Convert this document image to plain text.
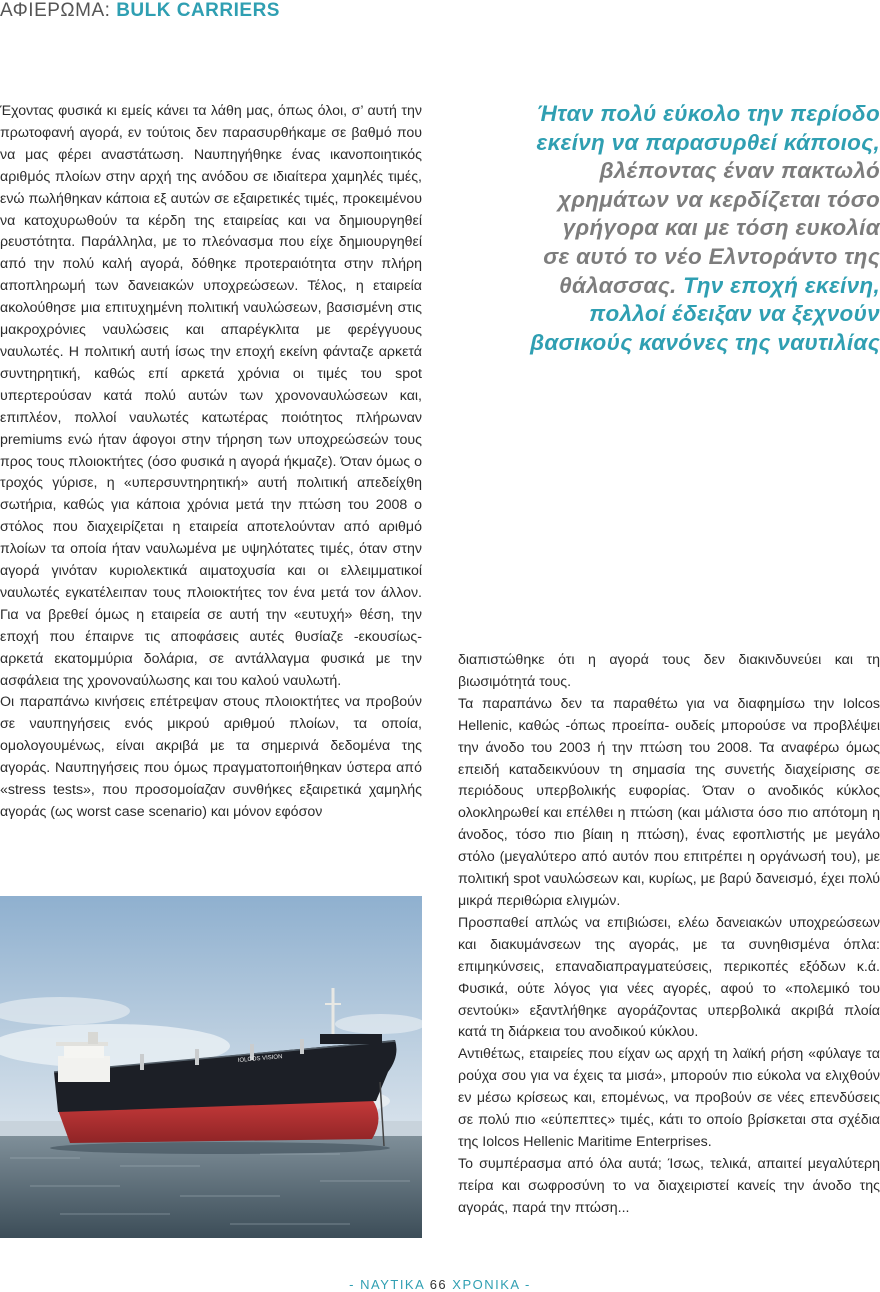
ΑΦΙΕΡΩΜΑ: BULK CARRIERS

Έχοντας φυσικά κι εμείς κάνει τα λάθη μας, όπως όλοι, σ’ αυτή την πρωτοφανή αγορά, εν τούτοις δεν παρασυρθήκαμε σε βαθμό που να μας φέρει αναστάτωση. Ναυπηγήθηκε ένας ικανοποιητικός αριθμός πλοίων στην αρχή της ανόδου σε ιδιαίτερα χαμηλές τιμές, ενώ πωλήθηκαν κάποια εξ αυτών σε εξαιρετικές τιμές, προκειμένου να κατοχυρωθούν τα κέρδη της εταιρείας και να δημιουργηθεί ρευστότητα. Παράλληλα, με το πλεόνασμα που είχε δημιουργηθεί από την πολύ καλή αγορά, δόθηκε προτεραιότητα στην πλήρη αποπληρωμή των δανειακών υποχρεώσεων. Τέλος, η εταιρεία ακολούθησε μια επιτυχημένη πολιτική ναυλώσεων, βασισμένη στις μακροχρόνιες ναυλώσεις και απαρέγκλιτα με φερέγγυους ναυλωτές. Η πολιτική αυτή ίσως την εποχή εκείνη φάνταζε αρκετά συντηρητική, καθώς επί αρκετά χρόνια οι τιμές του spot υπερτερούσαν κατά πολύ αυτών των χρονοναυλώσεων και, επιπλέον, πολλοί ναυλωτές κατωτέρας ποιότητος πλήρωναν premiums ενώ ήταν άφογοι στην τήρηση των υποχρεώσεών τους προς τους πλοιοκτήτες (όσο φυσικά η αγορά ήκμαζε). Όταν όμως ο τροχός γύρισε, η «υπερσυντηρητική» αυτή πολιτική απεδείχθη σωτήρια, καθώς για κάποια χρόνια μετά την πτώση του 2008 ο στόλος που διαχειρίζεται η εταιρεία αποτελούνταν από αριθμό πλοίων τα οποία ήταν ναυλωμένα με υψηλότατες τιμές, όταν στην αγορά γινόταν κυριολεκτικά αιματοχυσία και οι ελλειμματικοί ναυλωτές εγκατέλειπαν τους πλοιοκτήτες τον ένα μετά τον άλλον. Για να βρεθεί όμως η εταιρεία σε αυτή την «ευτυχή» θέση, την εποχή που έπαιρνε τις αποφάσεις αυτές θυσίαζε -εκουσίως- αρκετά εκατομμύρια δολάρια, σε αντάλλαγμα φυσικά με την ασφάλεια της χρονοναύλωσης και του καλού ναυλωτή.

Οι παραπάνω κινήσεις επέτρεψαν στους πλοιοκτήτες να προβούν σε ναυπηγήσεις ενός μικρού αριθμού πλοίων, τα οποία, ομολογουμένως, είναι ακριβά με τα σημερινά δεδομένα της αγοράς. Ναυπηγήσεις που όμως πραγματοποιήθηκαν ύστερα από «stress tests», που προσομοίαζαν συνθήκες εξαιρετικά χαμηλής αγοράς (ως worst case scenario) και μόνον εφόσον

Ήταν πολύ εύκολο την περίοδο εκείνη να παρασυρθεί κάποιος, βλέποντας έναν πακτωλό χρημάτων να κερδίζεται τόσο γρήγορα και με τόση ευκολία σε αυτό το νέο Ελντοράντο της θάλασσας. Την εποχή εκείνη, πολλοί έδειξαν να ξεχνούν βασικούς κανόνες της ναυτιλίας
IOLCOS VISION

διαπιστώθηκε ότι η αγορά τους δεν διακινδυνεύει και τη βιωσιμότητά τους.

Τα παραπάνω δεν τα παραθέτω για να διαφημίσω την Iolcos Hellenic, καθώς -όπως προείπα- ουδείς μπορούσε να προβλέψει την άνοδο του 2003 ή την πτώση του 2008. Τα αναφέρω όμως επειδή καταδεικνύουν τη σημασία της συνετής διαχείρισης σε περιόδους υπερβολικής ευφορίας. Όταν ο ανοδικός κύκλος ολοκληρωθεί και επέλθει η πτώση (και μάλιστα όσο πιο απότομη η άνοδος, τόσο πιο βίαιη η πτώση), ένας εφοπλιστής με μεγάλο στόλο (μεγαλύτερο από αυτόν που επιτρέπει η οργάνωσή του), με πολιτική spot ναυλώσεων και, κυρίως, με βαρύ δανεισμό, έχει πολύ μικρά περιθώρια ελιγμών.

Προσπαθεί απλώς να επιβιώσει, ελέω δανειακών υποχρεώσεων και διακυμάνσεων της αγοράς, με τα συνηθισμένα όπλα: επιμηκύνσεις, επαναδιαπραγματεύσεις, περικοπές εξόδων κ.ά. Φυσικά, ούτε λόγος για νέες αγορές, αφού το «πολεμικό του σεντούκι» εξαντλήθηκε αγοράζοντας υπερβολικά ακριβά πλοία κατά τη διάρκεια του ανοδικού κύκλου.

Αντιθέτως, εταιρείες που είχαν ως αρχή τη λαϊκή ρήση «φύλαγε τα ρούχα σου για να έχεις τα μισά», μπορούν πιο εύκολα να ελιχθούν εν μέσω κρίσεως και, επομένως, να προβούν σε νέες επενδύσεις σε πολύ πιο «εύπεπτες» τιμές, κάτι το οποίο βρίσκεται στα σχέδια της Iolcos Hellenic Maritime Enterprises.

Το συμπέρασμα από όλα αυτά; Ίσως, τελικά, απαιτεί μεγαλύτερη πείρα και σωφροσύνη το να διαχειριστεί κανείς την άνοδο της αγοράς, παρά την πτώση...

- ΝΑΥΤΙΚΑ 66 ΧΡΟΝΙΚΑ -
